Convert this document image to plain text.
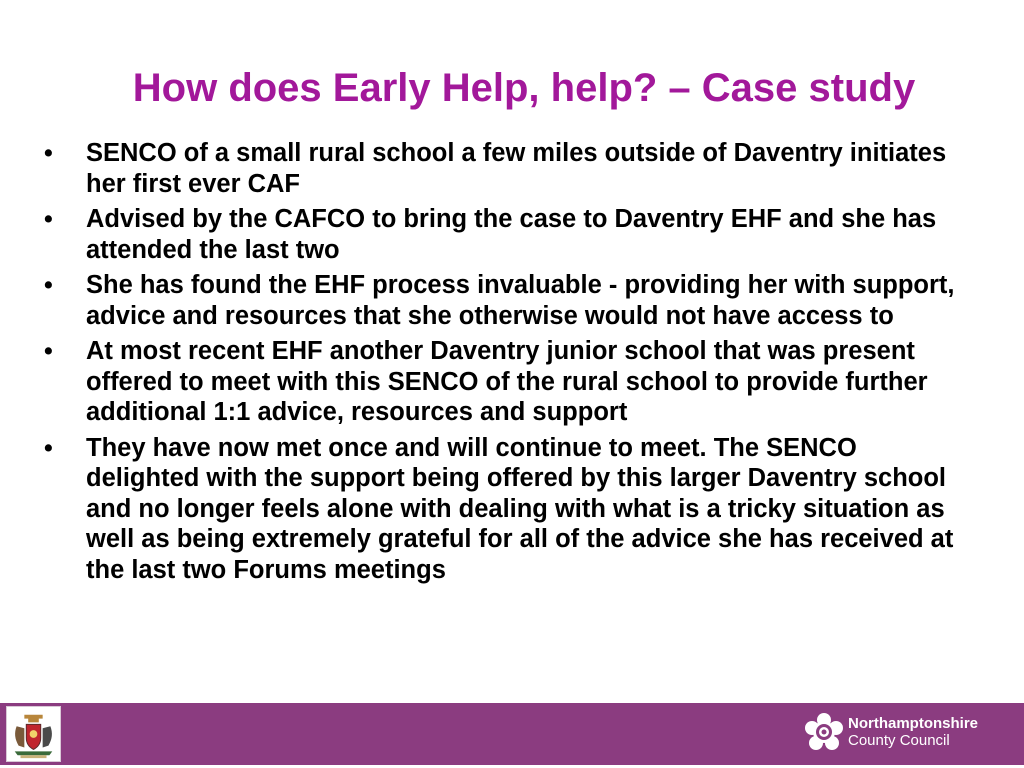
How does Early Help, help? – Case study
•	SENCO of a small rural school a few miles outside of Daventry initiates her first ever CAF
•	Advised by the CAFCO to bring the case to Daventry EHF and she has attended the last two
•	She has found the EHF process invaluable - providing her with support, advice and resources that she otherwise would not have access to
•	At most recent EHF another Daventry junior school that was present offered to meet with this SENCO of the rural school to provide further additional 1:1 advice, resources and support
•	They have now met once and will continue to meet. The SENCO delighted with the support being offered by this larger Daventry school and no longer feels alone with dealing with what is a tricky situation as well as being extremely grateful for all of the advice she has received at the last two Forums meetings
Northamptonshire
County Council
